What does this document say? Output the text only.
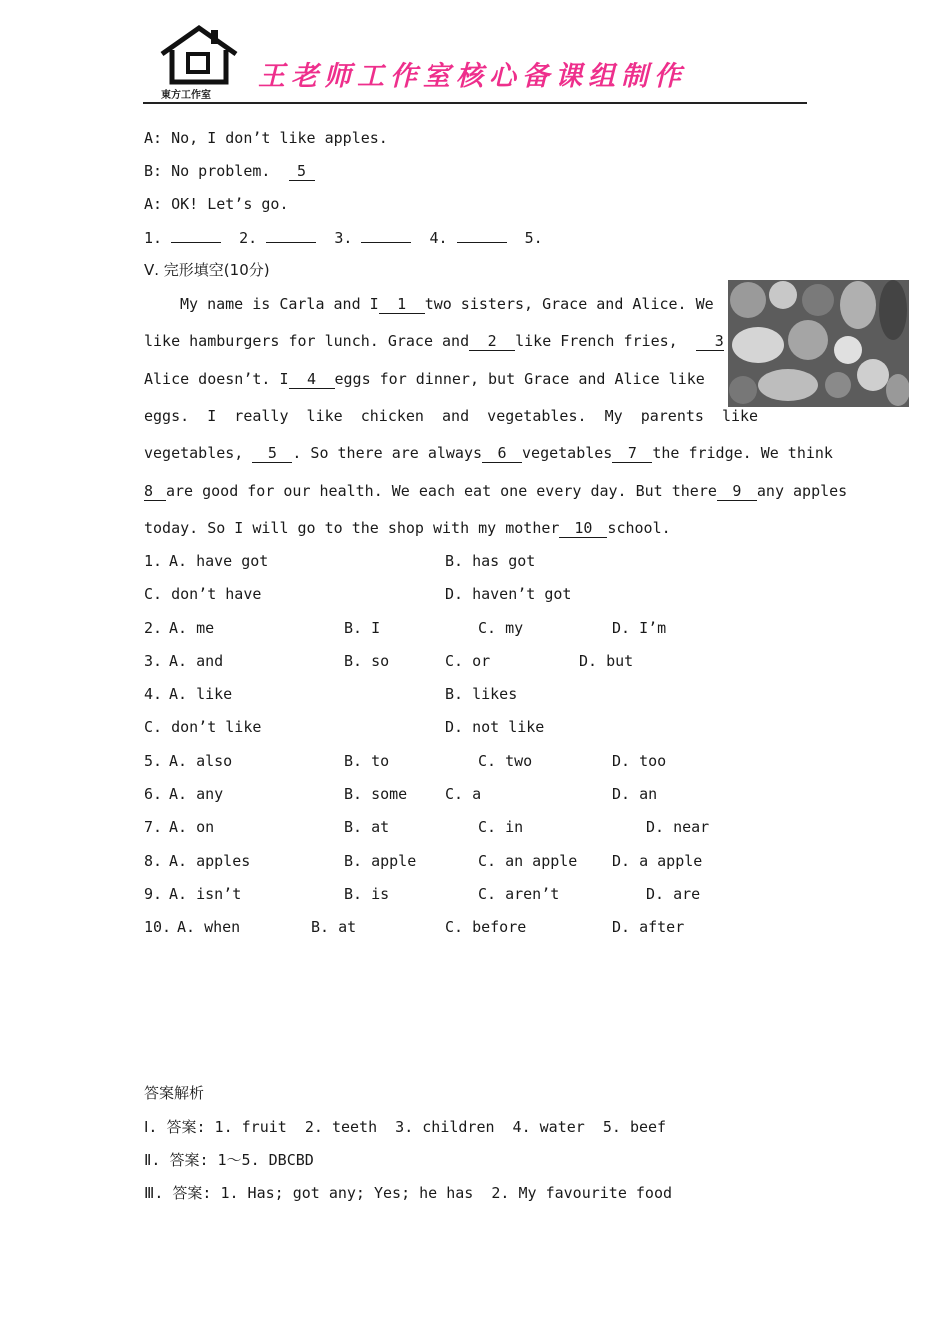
東方工作室
王老师工作室核心备课组制作
A: No, I don’t like apples.
B: No problem. 5
A: OK! Let’s go.
1.	2.	3.	4.	5.
Ⅴ. 完形填空(10分)
My name is Carla and I 1 two sisters, Grace and Alice. We
like hamburgers for lunch. Grace and 2 like French fries, 3
Alice doesn’t. I 4 eggs for dinner, but Grace and Alice like
eggs.  I  really  like  chicken  and  vegetables.  My  parents  like
vegetables, 5 . So there are always 6 vegetables 7 the fridge. We think
8 are good for our health. We each eat one every day. But there 9 any apples
today. So I will go to the shop with my mother 10 school.
1. A. have got	B. has got
C. don’t have	D. haven’t got
2. A. me	B. I	C. my	D. I’m
3. A. and	B. so	C. or	D. but
4. A. like	B. likes
C. don’t like	D. not like
5. A. also	B. to	C. two	D. too
6. A. any	B. some	C. a	D. an
7. A. on	B. at	C. in	D. near
8. A. apples	B. apple	C. an apple D. a apple
9. A. isn’t	B. is	C. aren’t	D. are
10. A. when	B. at	C. before	D. after
答案解析
Ⅰ. 答案: 1. fruit  2. teeth  3. children  4. water  5. beef
Ⅱ. 答案: 1～5. DBCBD
Ⅲ. 答案: 1. Has; got any; Yes; he has  2. My favourite food
